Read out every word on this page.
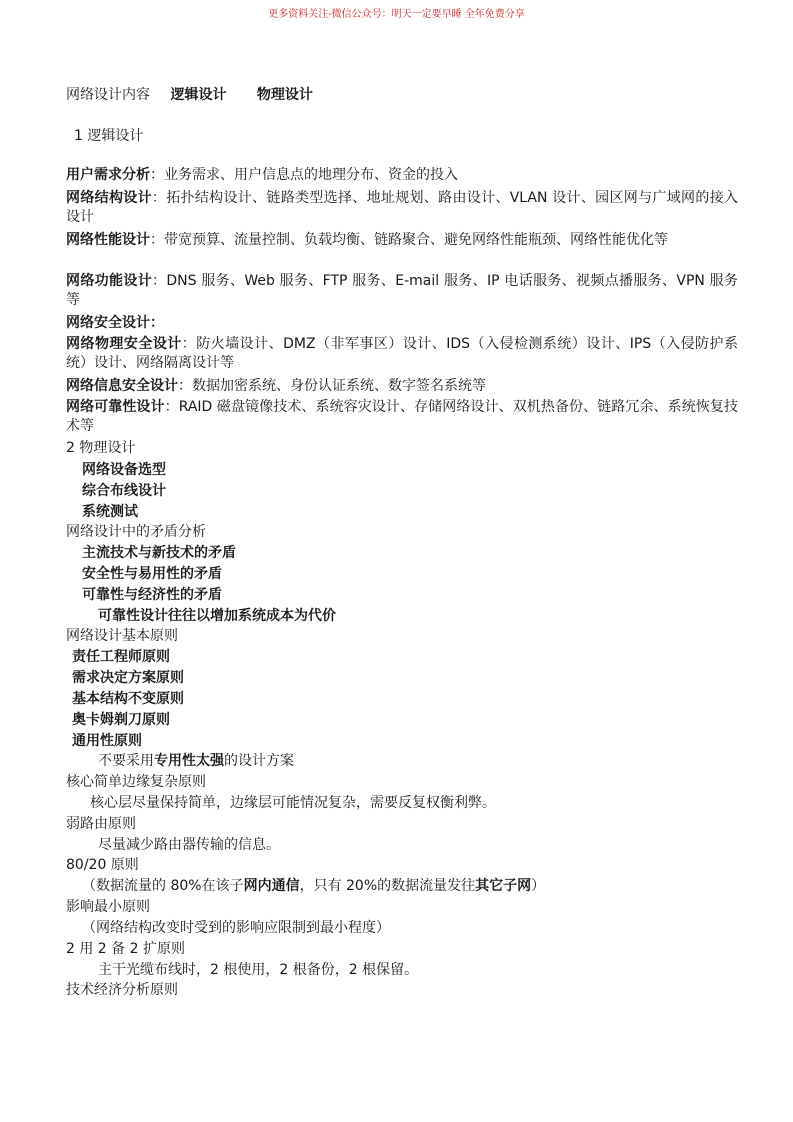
更多资料关注-微信公众号：明天一定要早睡 全年免费分享
网络设计内容 逻辑设计 物理设计
1 逻辑设计
用户需求分析：业务需求、用户信息点的地理分布、资金的投入
网络结构设计：拓扑结构设计、链路类型选择、地址规划、路由设计、VLAN 设计、园区网与广域网的接入设计
网络性能设计：带宽预算、流量控制、负载均衡、链路聚合、避免网络性能瓶颈、网络性能优化等
网络功能设计：DNS 服务、Web 服务、FTP 服务、E-mail 服务、IP 电话服务、视频点播服务、VPN 服务等
网络安全设计：
网络物理安全设计：防火墙设计、DMZ（非军事区）设计、IDS（入侵检测系统）设计、IPS（入侵防护系统）设计、网络隔离设计等
网络信息安全设计：数据加密系统、身份认证系统、数字签名系统等
网络可靠性设计：RAID 磁盘镜像技术、系统容灾设计、存储网络设计、双机热备份、链路冗余、系统恢复技术等
2 物理设计
网络设备选型
综合布线设计
系统测试
网络设计中的矛盾分析
主流技术与新技术的矛盾
安全性与易用性的矛盾
可靠性与经济性的矛盾
可靠性设计往往以增加系统成本为代价
网络设计基本原则
责任工程师原则
需求决定方案原则
基本结构不变原则
奥卡姆剃刀原则
通用性原则
不要采用专用性太强的设计方案
核心简单边缘复杂原则
核心层尽量保持简单，边缘层可能情况复杂，需要反复权衡利弊。
弱路由原则
尽量减少路由器传输的信息。
80/20 原则
（数据流量的 80%在该子网内通信，只有 20%的数据流量发往其它子网）
影响最小原则
（网络结构改变时受到的影响应限制到最小程度）
2 用 2 备 2 扩原则
主干光缆布线时，2 根使用，2 根备份，2 根保留。
技术经济分析原则
